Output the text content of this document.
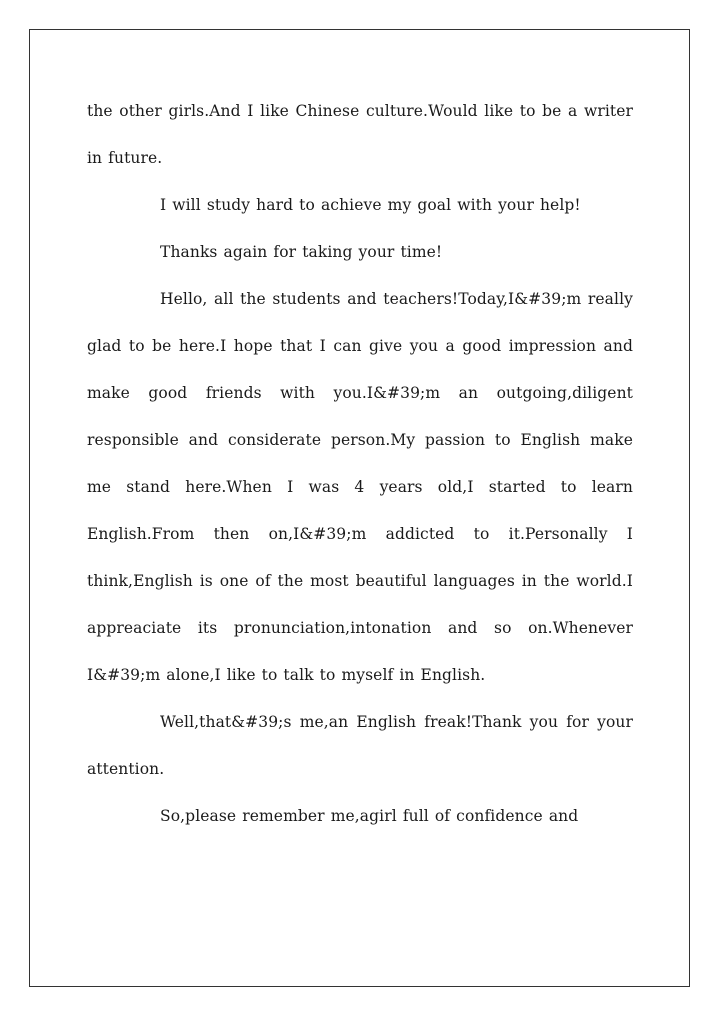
the other girls.And I like Chinese culture.Would like to be a writer in future.

I will study hard to achieve my goal with your help!

Thanks again for taking your time!

Hello, all the students and teachers!Today,I&#39;m really glad to be here.I hope that I can give you a good impression and make good friends with you.I&#39;m an outgoing,diligent responsible and considerate person.My passion to English make me stand here.When I was 4 years old,I started to learn English.From then on,I&#39;m addicted to it.Personally I think,English is one of the most beautiful languages in the world.I appreaciate its pronunciation,intonation and so on.Whenever I&#39;m alone,I like to talk to myself in English.

Well,that&#39;s me,an English freak!Thank you for your attention.

So,please remember me,agirl full of confidence and
